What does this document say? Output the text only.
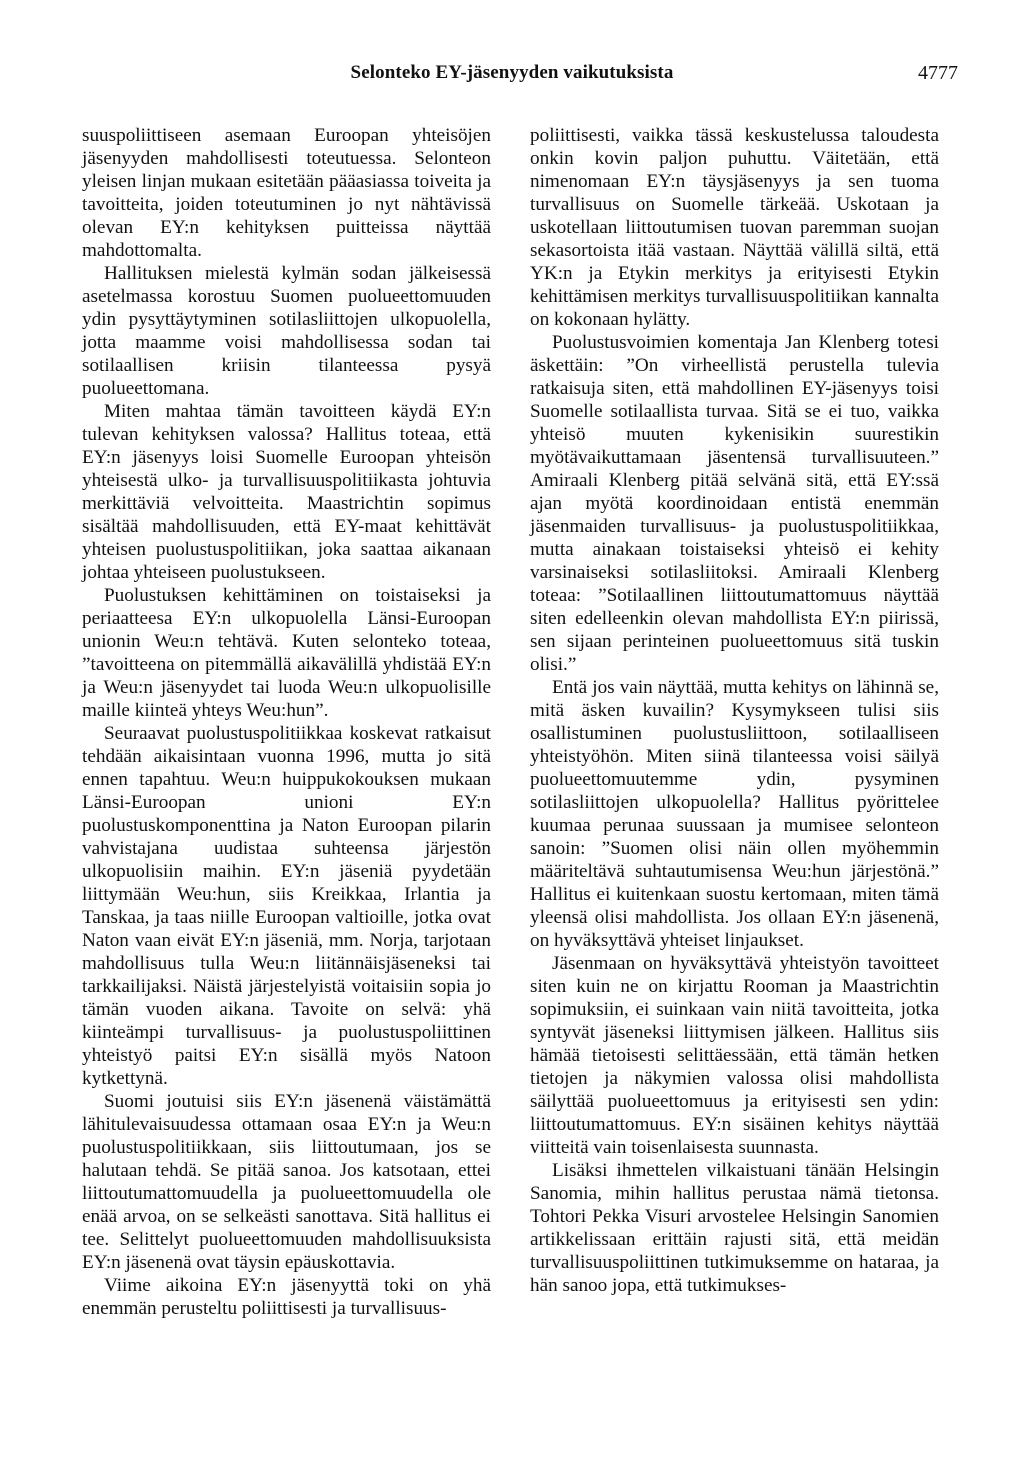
Selonteko EY-jäsenyyden vaikutuksista	4777

suuspoliittiseen asemaan Euroopan yhteisöjen jäsenyyden mahdollisesti toteutuessa. Selonteon yleisen linjan mukaan esitetään pääasiassa toiveita ja tavoitteita, joiden toteutuminen jo nyt nähtävissä olevan EY:n kehityksen puitteissa näyttää mahdottomalta.

Hallituksen mielestä kylmän sodan jälkeisessä asetelmassa korostuu Suomen puolueettomuuden ydin pysyttäytyminen sotilasliittojen ulkopuolella, jotta maamme voisi mahdollisessa sodan tai sotilaallisen kriisin tilanteessa pysyä puolueettomana.

Miten mahtaa tämän tavoitteen käydä EY:n tulevan kehityksen valossa? Hallitus toteaa, että EY:n jäsenyys loisi Suomelle Euroopan yhteisön yhteisestä ulko- ja turvallisuuspolitiikasta johtuvia merkittäviä velvoitteita. Maastrichtin sopimus sisältää mahdollisuuden, että EY-maat kehittävät yhteisen puolustuspolitiikan, joka saattaa aikanaan johtaa yhteiseen puolustukseen.

Puolustuksen kehittäminen on toistaiseksi ja periaatteesa EY:n ulkopuolella Länsi-Euroopan unionin Weu:n tehtävä. Kuten selonteko toteaa, ”tavoitteena on pitemmällä aikavälillä yhdistää EY:n ja Weu:n jäsenyydet tai luoda Weu:n ulkopuolisille maille kiinteä yhteys Weu:hun”.

Seuraavat puolustuspolitiikkaa koskevat ratkaisut tehdään aikaisintaan vuonna 1996, mutta jo sitä ennen tapahtuu. Weu:n huippukokouksen mukaan Länsi-Euroopan unioni EY:n puolustuskomponenttina ja Naton Euroopan pilarin vahvistajana uudistaa suhteensa järjestön ulkopuolisiin maihin. EY:n jäseniä pyydetään liittymään Weu:hun, siis Kreikkaa, Irlantia ja Tanskaa, ja taas niille Euroopan valtioille, jotka ovat Naton vaan eivät EY:n jäseniä, mm. Norja, tarjotaan mahdollisuus tulla Weu:n liitännäisjäseneksi tai tarkkailijaksi. Näistä järjestelyistä voitaisiin sopia jo tämän vuoden aikana. Tavoite on selvä: yhä kiinteämpi turvallisuus- ja puolustuspoliittinen yhteistyö paitsi EY:n sisällä myös Natoon kytkettynä.

Suomi joutuisi siis EY:n jäsenenä väistämättä lähitulevaisuudessa ottamaan osaa EY:n ja Weu:n puolustuspolitiikkaan, siis liittoutumaan, jos se halutaan tehdä. Se pitää sanoa. Jos katsotaan, ettei liittoutumattomuudella ja puolueettomuudella ole enää arvoa, on se selkeästi sanottava. Sitä hallitus ei tee. Selittelyt puolueettomuuden mahdollisuuksista EY:n jäsenenä ovat täysin epäuskottavia.

Viime aikoina EY:n jäsenyyttä toki on yhä enemmän perusteltu poliittisesti ja turvallisuus-

poliittisesti, vaikka tässä keskustelussa taloudesta onkin kovin paljon puhuttu. Väitetään, että nimenomaan EY:n täysjäsenyys ja sen tuoma turvallisuus on Suomelle tärkeää. Uskotaan ja uskotellaan liittoutumisen tuovan paremman suojan sekasortoista itää vastaan. Näyttää välillä siltä, että YK:n ja Etykin merkitys ja erityisesti Etykin kehittämisen merkitys turvallisuuspolitiikan kannalta on kokonaan hylätty.

Puolustusvoimien komentaja Jan Klenberg totesi äskettäin: ”On virheellistä perustella tulevia ratkaisuja siten, että mahdollinen EY-jäsenyys toisi Suomelle sotilaallista turvaa. Sitä se ei tuo, vaikka yhteisö muuten kykenisikin suurestikin myötävaikuttamaan jäsentensä turvallisuuteen.” Amiraali Klenberg pitää selvänä sitä, että EY:ssä ajan myötä koordinoidaan entistä enemmän jäsenmaiden turvallisuus- ja puolustuspolitiikkaa, mutta ainakaan toistaiseksi yhteisö ei kehity varsinaiseksi sotilasliitoksi. Amiraali Klenberg toteaa: ”Sotilaallinen liittoutumattomuus näyttää siten edelleenkin olevan mahdollista EY:n piirissä, sen sijaan perinteinen puolueettomuus sitä tuskin olisi.”

Entä jos vain näyttää, mutta kehitys on lähinnä se, mitä äsken kuvailin? Kysymykseen tulisi siis osallistuminen puolustusliittoon, sotilaalliseen yhteistyöhön. Miten siinä tilanteessa voisi säilyä puolueettomuutemme ydin, pysyminen sotilasliittojen ulkopuolella? Hallitus pyörittelee kuumaa perunaa suussaan ja mumisee selonteon sanoin: ”Suomen olisi näin ollen myöhemmin määriteltävä suhtautumisensa Weu:hun järjestönä.” Hallitus ei kuitenkaan suostu kertomaan, miten tämä yleensä olisi mahdollista. Jos ollaan EY:n jäsenenä, on hyväksyttävä yhteiset linjaukset.

Jäsenmaan on hyväksyttävä yhteistyön tavoitteet siten kuin ne on kirjattu Rooman ja Maastrichtin sopimuksiin, ei suinkaan vain niitä tavoitteita, jotka syntyvät jäseneksi liittymisen jälkeen. Hallitus siis hämää tietoisesti selittäessään, että tämän hetken tietojen ja näkymien valossa olisi mahdollista säilyttää puolueettomuus ja erityisesti sen ydin: liittoutumattomuus. EY:n sisäinen kehitys näyttää viitteitä vain toisenlaisesta suunnasta.

Lisäksi ihmettelen vilkaistuani tänään Helsingin Sanomia, mihin hallitus perustaa nämä tietonsa. Tohtori Pekka Visuri arvostelee Helsingin Sanomien artikkelissaan erittäin rajusti sitä, että meidän turvallisuuspoliittinen tutkimuksemme on hataraa, ja hän sanoo jopa, että tutkimukses-
